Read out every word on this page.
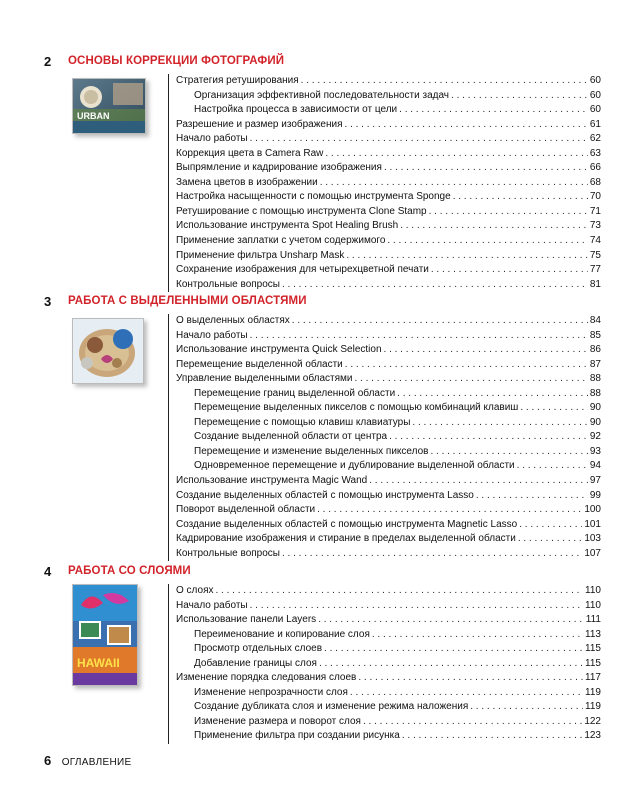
2 ОСНОВЫ КОРРЕКЦИИ ФОТОГРАФИЙ
URBAN
Стратегия ретуширования . . .	60
Организация эффективной последовательности задач . . .	60
Настройка процесса в зависимости от цели . . .	60
Разрешение и размер изображения . . .	61
Начало работы . . .	62
Коррекция цвета в Camera Raw . . .	63
Выпрямление и кадрирование изображения . . .	66
Замена цветов в изображении . . .	68
Настройка насыщенности с помощью инструмента Sponge . . .	70
Ретуширование с помощью инструмента Clone Stamp . . .	71
Использование инструмента Spot Healing Brush . . .	73
Применение заплатки с учетом содержимого . . .	74
Применение фильтра Unsharp Mask . . .	75
Сохранение изображения для четырехцветной печати . . .	77
Контрольные вопросы . . .	81
3 РАБОТА С ВЫДЕЛЕННЫМИ ОБЛАСТЯМИ
О выделенных областях . . .	84
Начало работы . . .	85
Использование инструмента Quick Selection . . .	86
Перемещение выделенной области . . .	87
Управление выделенными областями . . .	88
Перемещение границ выделенной области . . .	88
Перемещение выделенных пикселов с помощью комбинаций клавиш . . .	90
Перемещение с помощью клавиш клавиатуры . . .	90
Создание выделенной области от центра . . .	92
Перемещение и изменение выделенных пикселов . . .	93
Одновременное перемещение и дублирование выделенной области . . .	94
Использование инструмента Magic Wand . . .	97
Создание выделенных областей с помощью инструмента Lasso . . .	99
Поворот выделенной области . . .	100
Создание выделенных областей с помощью инструмента Magnetic Lasso . . .	101
Кадрирование изображения и стирание в пределах выделенной области . . .	103
Контрольные вопросы . . .	107
4 РАБОТА СО СЛОЯМИ
HAWAII
О слоях . . .	110
Начало работы . . .	110
Использование панели Layers . . .	111
Переименование и копирование слоя . . .	113
Просмотр отдельных слоев . . .	115
Добавление границы слоя . . .	115
Изменение порядка следования слоев . . .	117
Изменение непрозрачности слоя . . .	119
Создание дубликата слоя и изменение режима наложения . . .	119
Изменение размера и поворот слоя . . .	122
Применение фильтра при создании рисунка . . .	123
6 ОГЛАВЛЕНИЕ
